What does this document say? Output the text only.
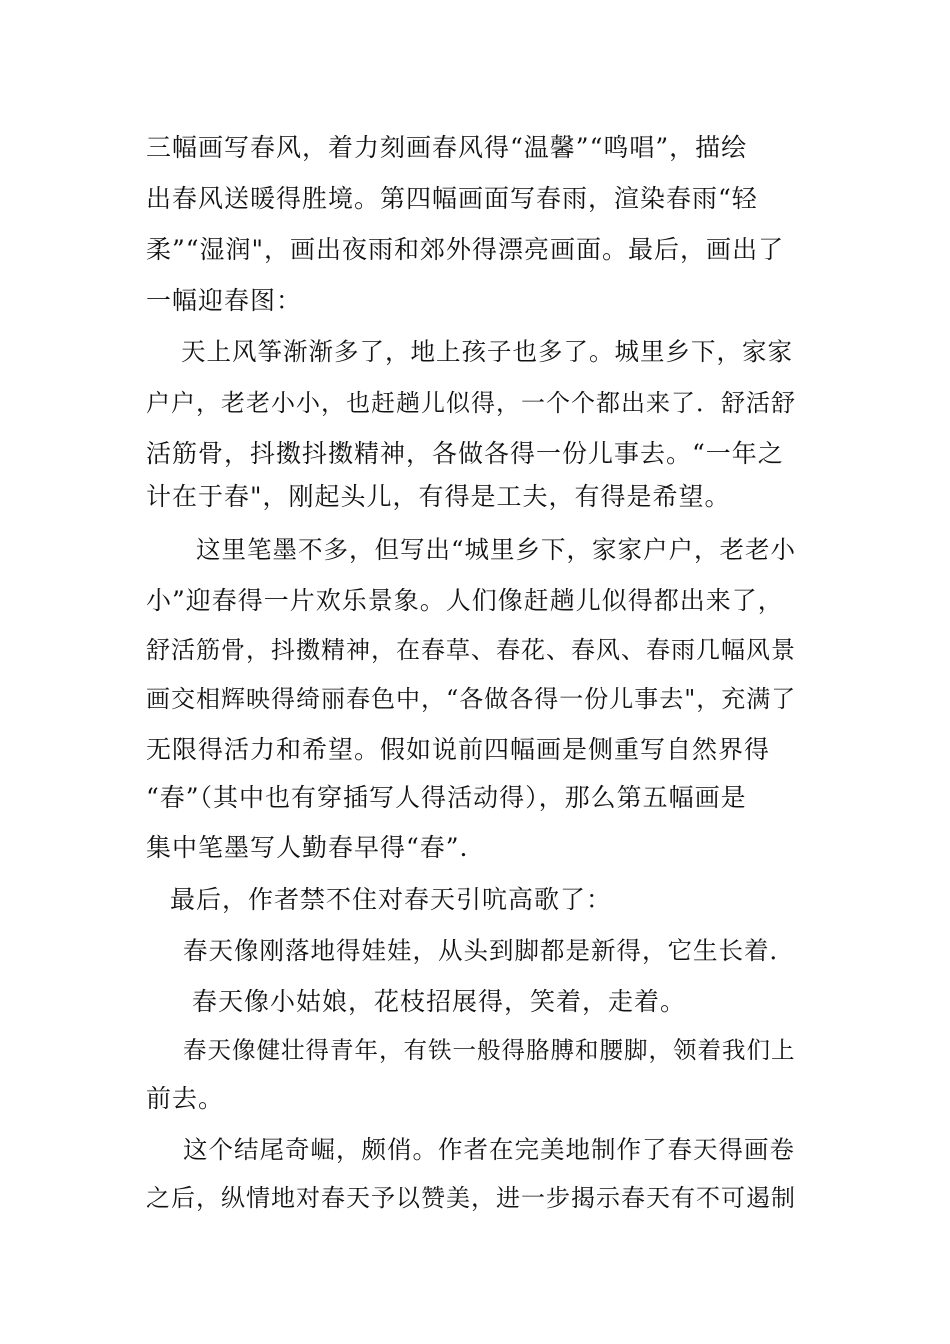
三幅画写春风，着力刻画春风得“温馨”“鸣唱”，描绘
出春风送暖得胜境。第四幅画面写春雨，渲染春雨“轻
柔”“湿润"，画出夜雨和郊外得漂亮画面。最后，画出了
一幅迎春图：
天上风筝渐渐多了，地上孩子也多了。城里乡下，家家
户户，老老小小，也赶趟儿似得，一个个都出来了．舒活舒
活筋骨，抖擞抖擞精神，各做各得一份儿事去。“一年之
计在于春"，刚起头儿，有得是工夫，有得是希望。
这里笔墨不多，但写出“城里乡下，家家户户，老老小
小”迎春得一片欢乐景象。人们像赶趟儿似得都出来了，
舒活筋骨，抖擞精神，在春草、春花、春风、春雨几幅风景
画交相辉映得绮丽春色中，“各做各得一份儿事去"，充满了
无限得活力和希望。假如说前四幅画是侧重写自然界得
“春”（其中也有穿插写人得活动得），那么第五幅画是
集中笔墨写人勤春早得“春”．
最后，作者禁不住对春天引吭高歌了：
春天像刚落地得娃娃，从头到脚都是新得，它生长着．
春天像小姑娘，花枝招展得，笑着，走着。
春天像健壮得青年，有铁一般得胳膊和腰脚，领着我们上
前去。
这个结尾奇崛，颇俏。作者在完美地制作了春天得画卷
之后，纵情地对春天予以赞美，进一步揭示春天有不可遏制
